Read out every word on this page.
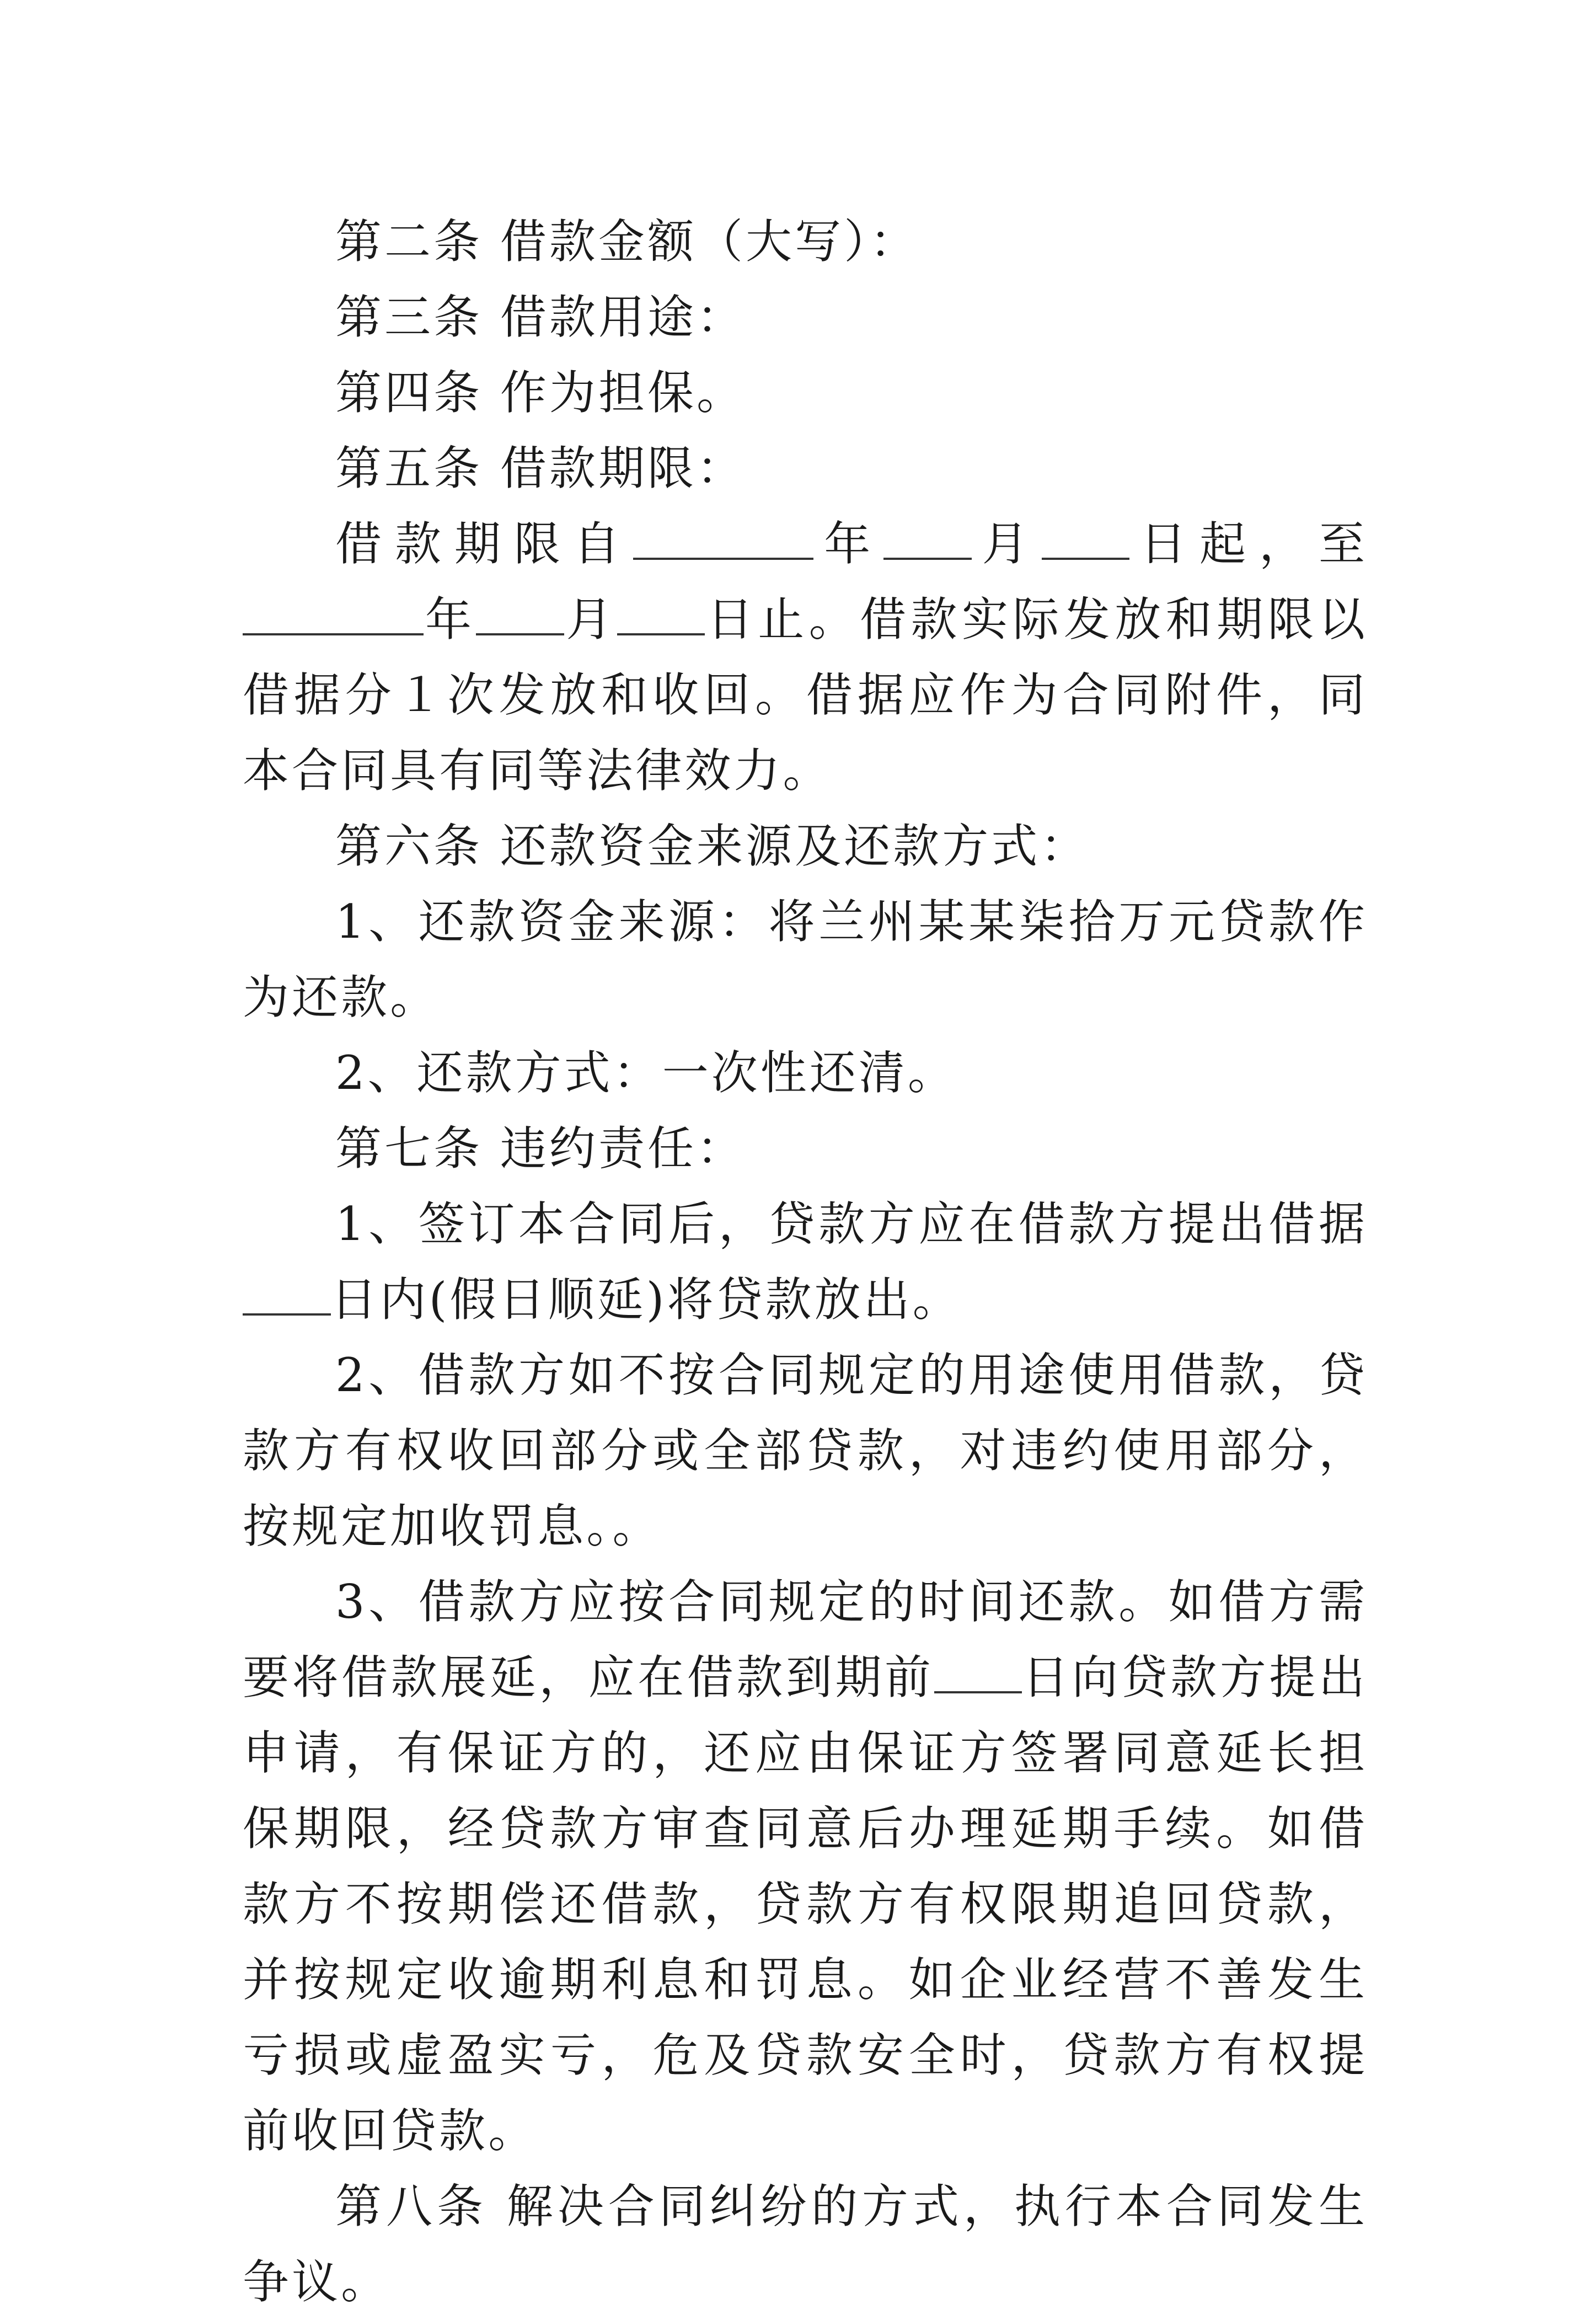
第二条 借款金额（大写）：

第三条 借款用途：

第四条 作为担保。

第五条 借款期限：

借款期限自	年 月 日起，至年 月 日止。借款实际发放和期限以借据分１次发放和收回。借据应作为合同附件，同本合同具有同等法律效力。

第六条 还款资金来源及还款方式：

1、还款资金来源：将兰州某某柒拾万元贷款作为还款。

2、还款方式：一次性还清。

第七条 违约责任：

1、签订本合同后，贷款方应在借款方提出借据日内(假日顺延)将贷款放出。

2、借款方如不按合同规定的用途使用借款，贷款方有权收回部分或全部贷款，对违约使用部分，按规定加收罚息。。

3、借款方应按合同规定的时间还款。如借方需要将借款展延，应在借款到期前 日向贷款方提出申请，有保证方的，还应由保证方签署同意延长担保期限，经贷款方审查同意后办理延期手续。如借款方不按期偿还借款，贷款方有权限期追回贷款，并按规定收逾期利息和罚息。如企业经营不善发生亏损或虚盈实亏，危及贷款安全时，贷款方有权提前收回贷款。

第八条 解决合同纠纷的方式，执行本合同发生争议。
